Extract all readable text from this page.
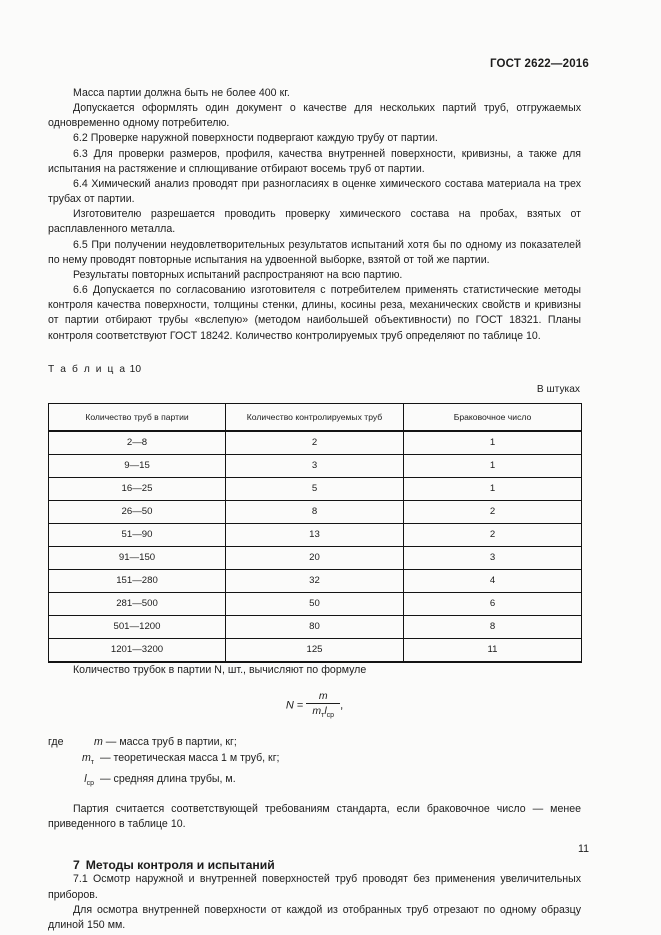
ГОСТ 2622—2016

Масса партии должна быть не более 400 кг.

Допускается оформлять один документ о качестве для нескольких партий труб, отгружаемых одновременно одному потребителю.

6.2 Проверке наружной поверхности подвергают каждую трубу от партии.

6.3 Для проверки размеров, профиля, качества внутренней поверхности, кривизны, а также для испытания на растяжение и сплющивание отбирают восемь труб от партии.

6.4 Химический анализ проводят при разногласиях в оценке химического состава материала на трех трубах от партии.

Изготовителю разрешается проводить проверку химического состава на пробах, взятых от расплавленного металла.

6.5 При получении неудовлетворительных результатов испытаний хотя бы по одному из показателей по нему проводят повторные испытания на удвоенной выборке, взятой от той же партии.

Результаты повторных испытаний распространяют на всю партию.

6.6 Допускается по согласованию изготовителя с потребителем применять статистические методы контроля качества поверхности, толщины стенки, длины, косины реза, механических свойств и кривизны от партии отбирают трубы «вслепую» (методом наибольшей объективности) по ГОСТ 18321. Планы контроля соответствуют ГОСТ 18242. Количество контролируемых труб определяют по таблице 10.

Т а б л и ц а 10
В штуках
Количество труб в партии	Количество контролируемых труб	Браковочное число
2—8	2	1
9—15	3	1
16—25	5	1
26—50	8	2
51—90	13	2
91—150	20	3
151—280	32	4
281—500	50	6
501—1200	80	8
1201—3200	125	11

Количество трубок в партии N, шт., вычисляют по формуле

$N = \frac{m}{m_тl_{ср}}$ ,
где	m — масса труб в партии, кг;
$m_т$ — теоретическая масса 1 м труб, кг;
$l_{ср}$ — средняя длина трубы, м.

Партия считается соответствующей требованиям стандарта, если браковочное число — менее приведенного в таблице 10.

7 Методы контроля и испытаний

7.1 Осмотр наружной и внутренней поверхностей труб проводят без применения увеличительных приборов.

Для осмотра внутренней поверхности от каждой из отобранных труб отрезают по одному образцу длиной 150 мм.

11
